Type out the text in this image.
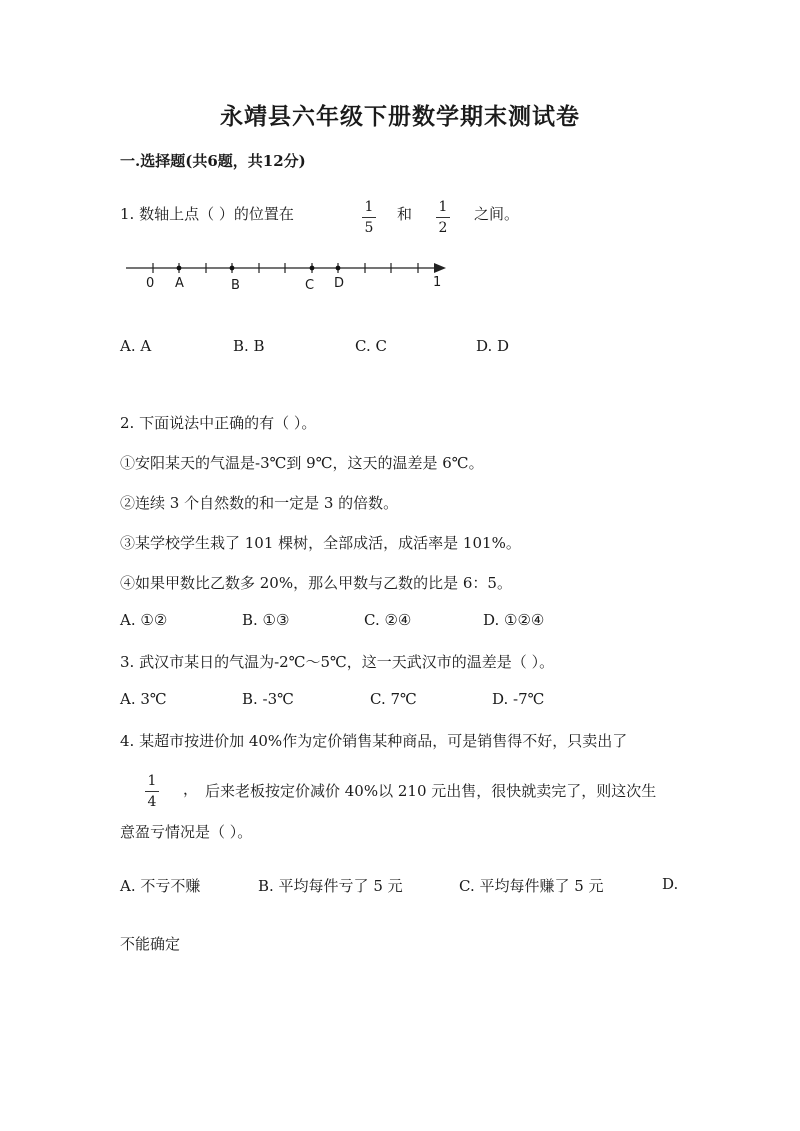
永靖县六年级下册数学期末测试卷
一.选择题(共6题，共12分)
1. 数轴上点（ ）的位置在	1
5
和	1
2
之间。
0 A	B	C D	1
A. A	B. B	C. C	D. D
2. 下面说法中正确的有（ ）。
①安阳某天的气温是-3℃到 9℃，这天的温差是 6℃。
②连续 3 个自然数的和一定是 3 的倍数。
③某学校学生栽了 101 棵树，全部成活，成活率是 101%。
④如果甲数比乙数多 20%，那么甲数与乙数的比是 6：5。
A. ①②	B. ①③	C. ②④	D. ①②④
3. 武汉市某日的气温为-2℃～5℃，这一天武汉市的温差是（ ）。
A. 3℃	B. -3℃	C. 7℃	D. -7℃
4. 某超市按进价加 40%作为定价销售某种商品，可是销售得不好，只卖出了
1
4
， 后来老板按定价减价 40%以 210 元出售，很快就卖完了，则这次生
意盈亏情况是（ ）。
A. 不亏不赚	B. 平均每件亏了 5 元	C. 平均每件赚了 5 元	D.
不能确定
